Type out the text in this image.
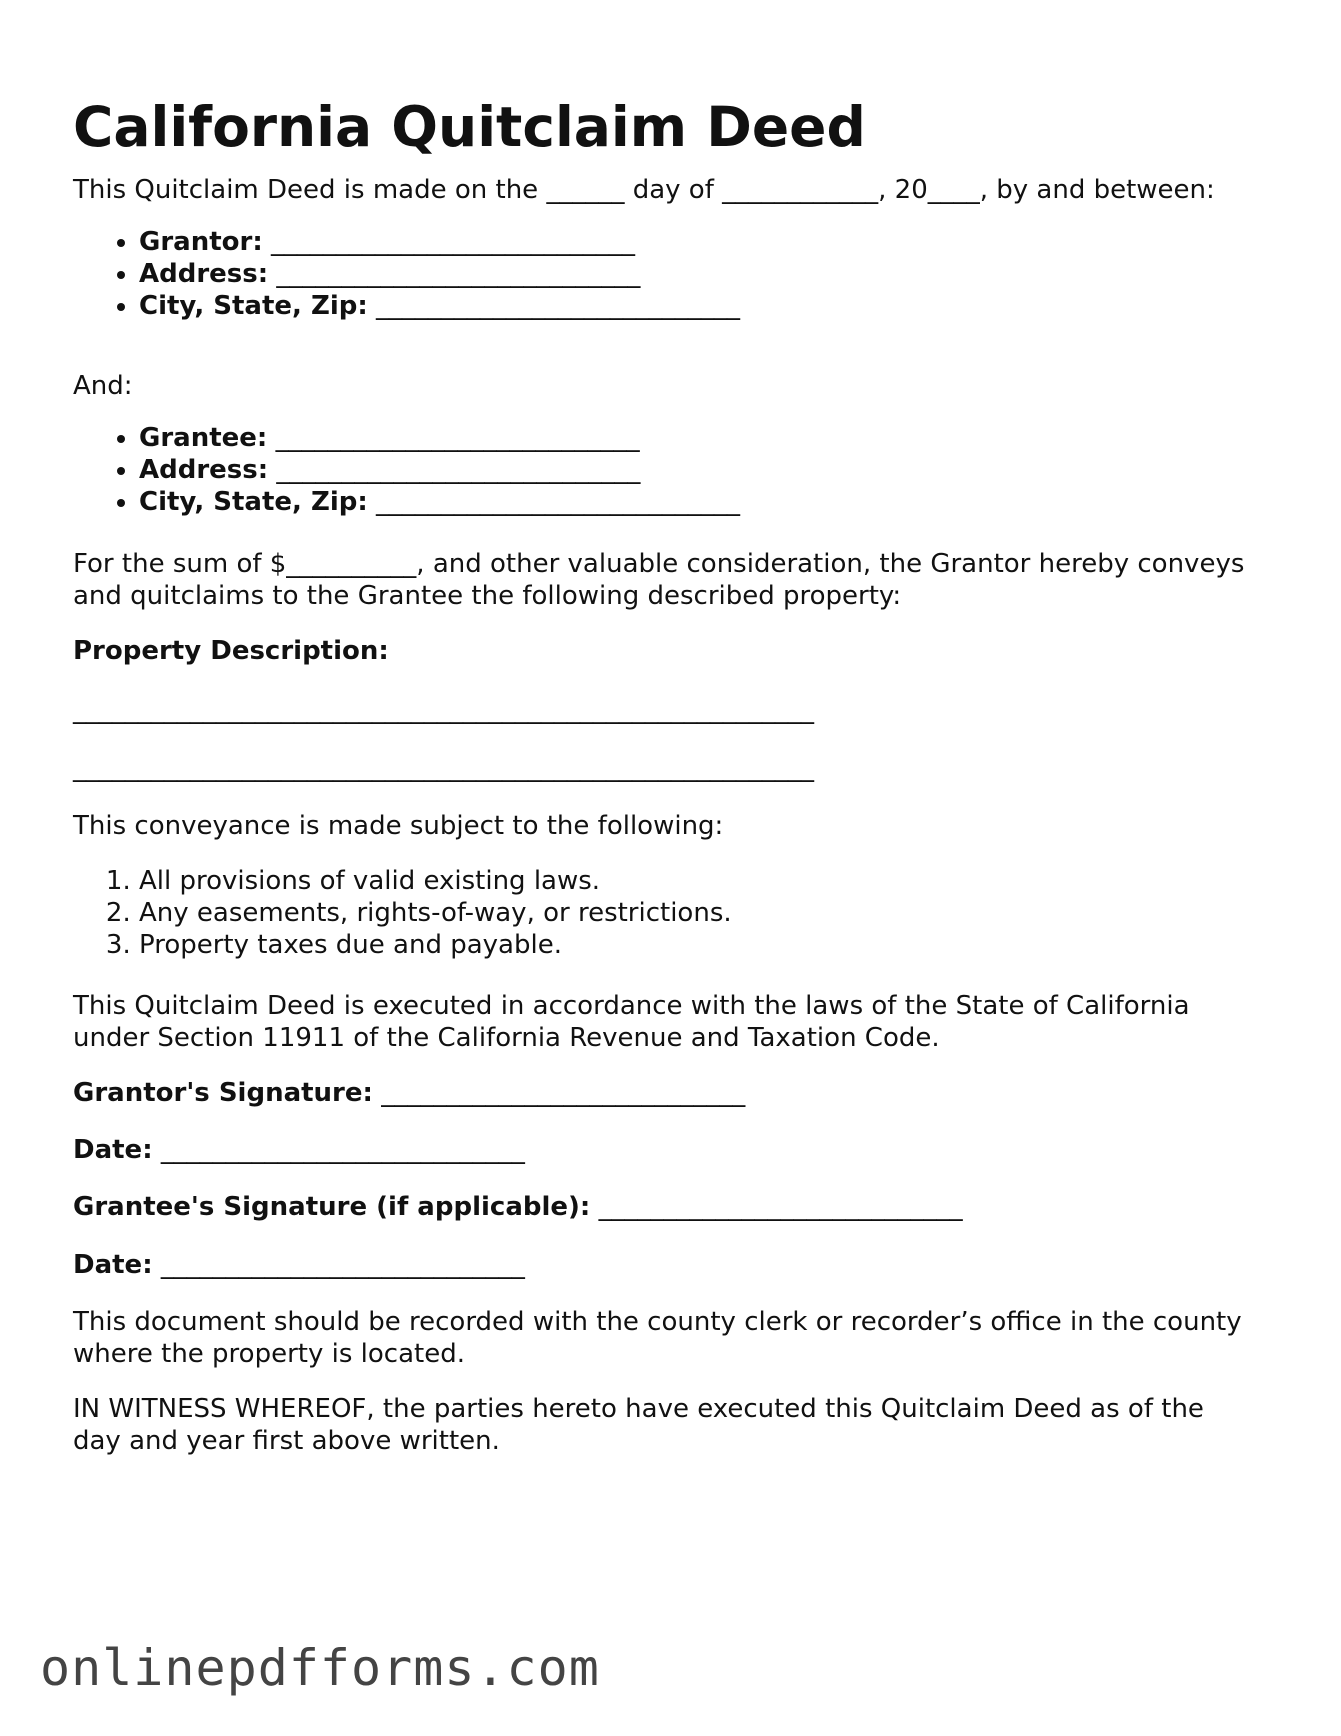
California Quitclaim Deed

This Quitclaim Deed is made on the ______ day of ____________, 20____, by and between:

• Grantor: ____________________________
• Address: ____________________________
• City, State, Zip: ____________________________

And:

• Grantee: ____________________________
• Address: ____________________________
• City, State, Zip: ____________________________

For the sum of $__________, and other valuable consideration, the Grantor hereby conveys

and quitclaims to the Grantee the following described property:

Property Description:

_________________________________________________________

_________________________________________________________

This conveyance is made subject to the following:

1. All provisions of valid existing laws.
2. Any easements, rights-of-way, or restrictions.
3. Property taxes due and payable.

This Quitclaim Deed is executed in accordance with the laws of the State of California

under Section 11911 of the California Revenue and Taxation Code.

Grantor's Signature: ____________________________

Date: ____________________________

Grantee's Signature (if applicable): ____________________________

Date: ____________________________

This document should be recorded with the county clerk or recorder’s office in the county

where the property is located.

IN WITNESS WHEREOF, the parties hereto have executed this Quitclaim Deed as of the

day and year first above written.

onlinepdfforms.com
